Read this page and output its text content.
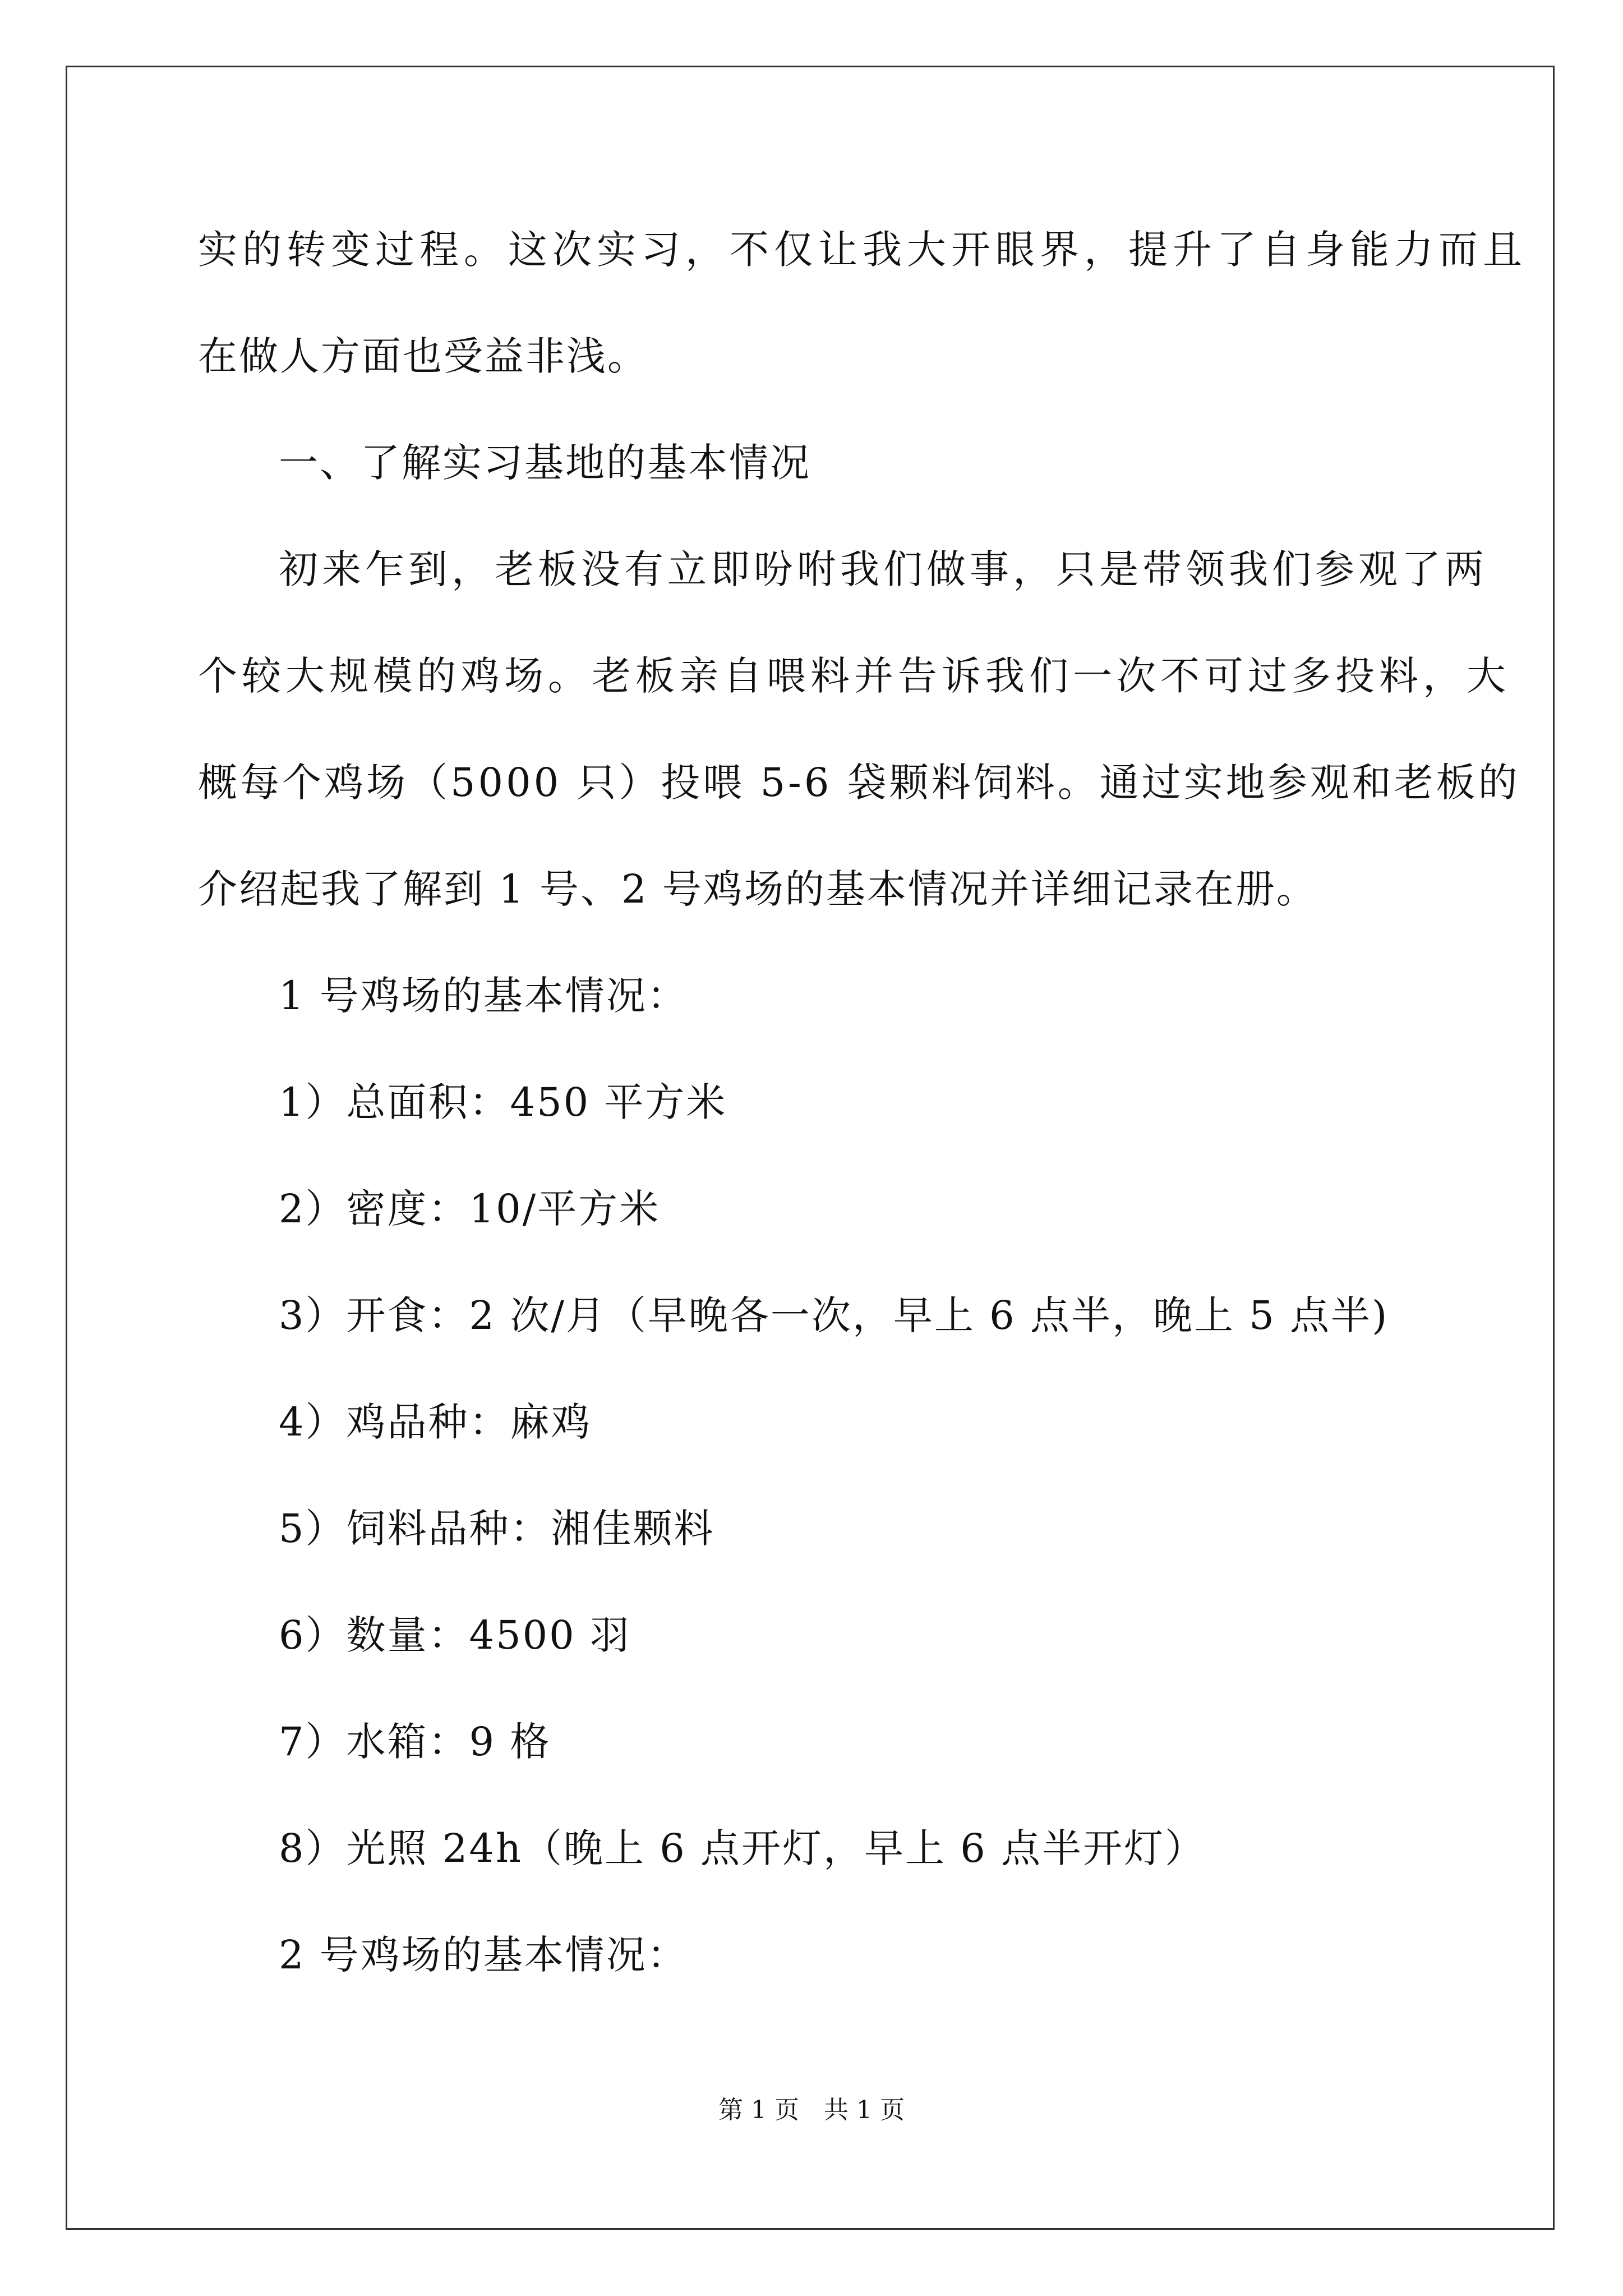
实的转变过程。这次实习，不仅让我大开眼界，提升了自身能力而且
在做人方面也受益非浅。
一、了解实习基地的基本情况
初来乍到，老板没有立即吩咐我们做事，只是带领我们参观了两
个较大规模的鸡场。老板亲自喂料并告诉我们一次不可过多投料，大
概每个鸡场（5000 只）投喂 5-6 袋颗料饲料。通过实地参观和老板的
介绍起我了解到 1 号、2 号鸡场的基本情况并详细记录在册。
1 号鸡场的基本情况：
1）总面积：450 平方米
2）密度：10/平方米
3）开食：2 次/月（早晚各一次，早上 6 点半，晚上 5 点半)
4）鸡品种：麻鸡
5）饲料品种：湘佳颗料
6）数量：4500 羽
7）水箱：9 格
8）光照 24h（晚上 6 点开灯，早上 6 点半开灯）
2 号鸡场的基本情况：
第 1 页　共 1 页
